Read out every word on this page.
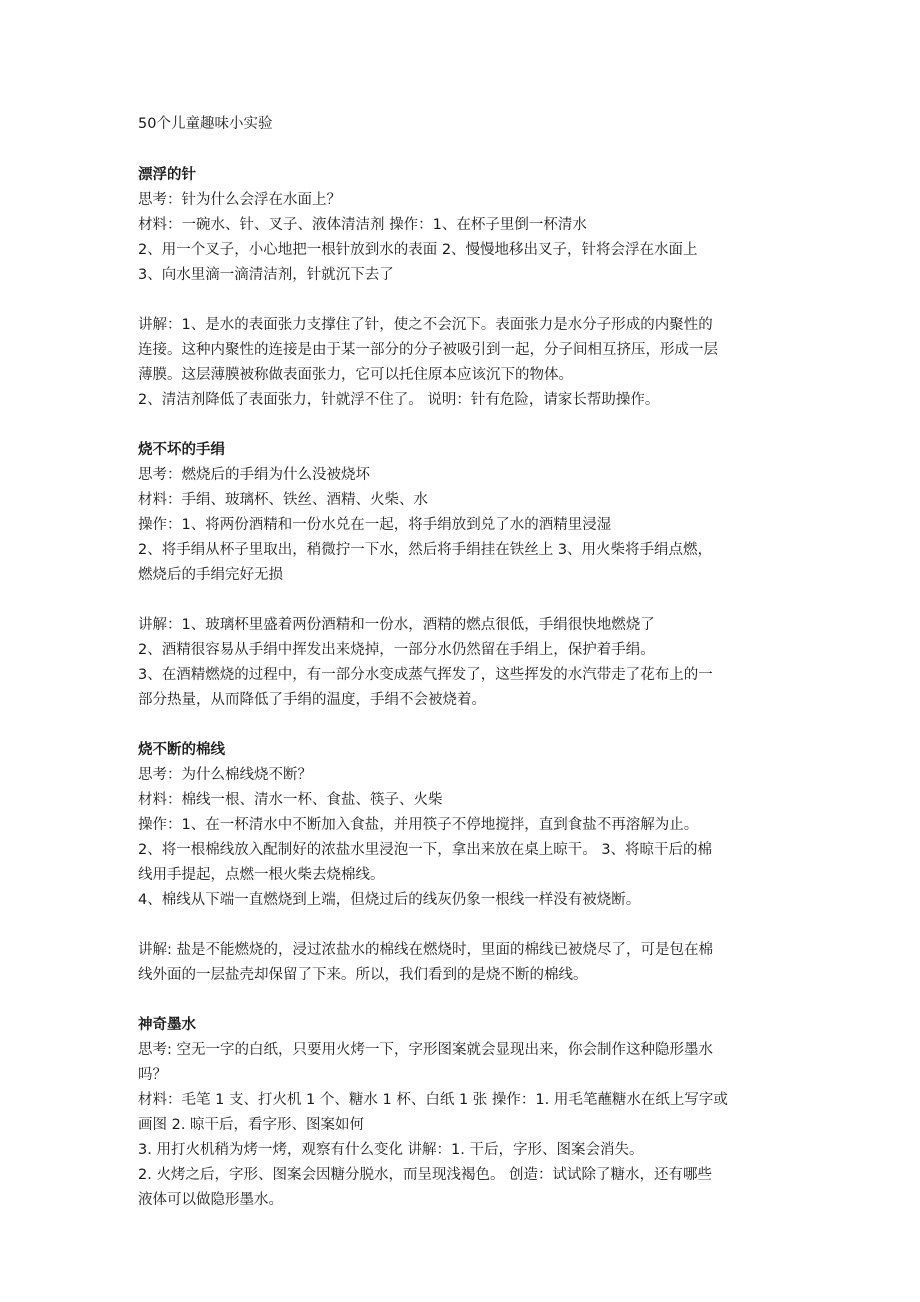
50个儿童趣味小实验
漂浮的针
思考：针为什么会浮在水面上？
材料：一碗水、针、叉子、液体清洁剂 操作：1、在杯子里倒一杯清水
2、用一个叉子，小心地把一根针放到水的表面 2、慢慢地移出叉子，针将会浮在水面上
3、向水里滴一滴清洁剂，针就沉下去了
讲解：1、是水的表面张力支撑住了针，使之不会沉下。表面张力是水分子形成的内聚性的
连接。这种内聚性的连接是由于某一部分的分子被吸引到一起，分子间相互挤压，形成一层
薄膜。这层薄膜被称做表面张力，它可以托住原本应该沉下的物体。
2、清洁剂降低了表面张力，针就浮不住了。 说明：针有危险，请家长帮助操作。
烧不坏的手绢
思考：燃烧后的手绢为什么没被烧坏
材料：手绢、玻璃杯、铁丝、酒精、火柴、水
操作：1、将两份酒精和一份水兑在一起，将手绢放到兑了水的酒精里浸湿
2、将手绢从杯子里取出，稍微拧一下水，然后将手绢挂在铁丝上 3、用火柴将手绢点燃，
燃烧后的手绢完好无损
讲解：1、玻璃杯里盛着两份酒精和一份水，酒精的燃点很低，手绢很快地燃烧了
2、酒精很容易从手绢中挥发出来烧掉，一部分水仍然留在手绢上，保护着手绢。
3、在酒精燃烧的过程中，有一部分水变成蒸气挥发了，这些挥发的水汽带走了花布上的一
部分热量，从而降低了手绢的温度，手绢不会被烧着。
烧不断的棉线
思考：为什么棉线烧不断？
材料：棉线一根、清水一杯、食盐、筷子、火柴
操作：1、在一杯清水中不断加入食盐，并用筷子不停地搅拌，直到食盐不再溶解为止。
2、将一根棉线放入配制好的浓盐水里浸泡一下，拿出来放在桌上晾干。 3、将晾干后的棉
线用手提起，点燃一根火柴去烧棉线。
4、棉线从下端一直燃烧到上端，但烧过后的线灰仍象一根线一样没有被烧断。
讲解: 盐是不能燃烧的，浸过浓盐水的棉线在燃烧时，里面的棉线已被烧尽了，可是包在棉
线外面的一层盐壳却保留了下来。所以，我们看到的是烧不断的棉线。
神奇墨水
思考: 空无一字的白纸，只要用火烤一下，字形图案就会显现出来，你会制作这种隐形墨水
吗？
材料：毛笔 1 支、打火机 1 个、糖水 1 杯、白纸 1 张 操作：1. 用毛笔蘸糖水在纸上写字或
画图 2. 晾干后，看字形、图案如何
3. 用打火机稍为烤一烤，观察有什么变化 讲解：1. 干后，字形、图案会消失。
2. 火烤之后，字形、图案会因糖分脱水，而呈现浅褐色。 创造：试试除了糖水，还有哪些
液体可以做隐形墨水。
